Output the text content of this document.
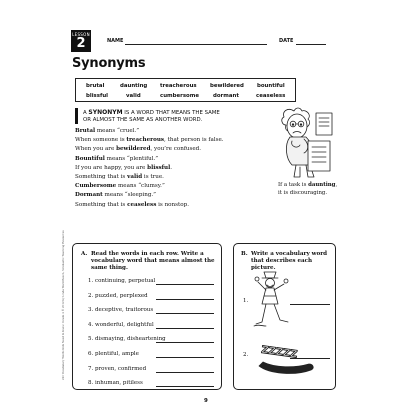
LESSON
2	NAME	DATE
Synonyms
brutal	daunting treacherous bewildered bountiful
blissful	valid	cumbersome	dormant	ceaseless
A SYNONYM IS A WORD THAT MEANS THE SAME
OR ALMOST THE SAME AS ANOTHER WORD.
Brutal means “cruel.”
When someone is treacherous, that person is false.
When you are bewildered, you’re confused.
Bountiful means “plentiful.”
If you are happy, you are blissful.
Something that is valid is true.
Cumbersome means “clumsy.”
Dormant means “sleeping.”
Something that is ceaseless is nonstop.
If a task is daunting,
it is discouraging.
A. Read the words in each row. Write a
vocabulary word that means almost the
same thing.
1. continuing, perpetual
2. puzzled, perplexed
3. deceptive, traitorous
4. wonderful, delightful
5. dismaying, disheartening
6. plentiful, ample
7. proven, confirmed
8. inhuman, pitiless
B. Write a vocabulary word
that describes each picture.
ZZZZZ
1.
2.
240 Vocabulary Words Kids Need to Know: Grade 4 © 2012 by Linda Ward Beech, Scholastic Teaching Resources
9
